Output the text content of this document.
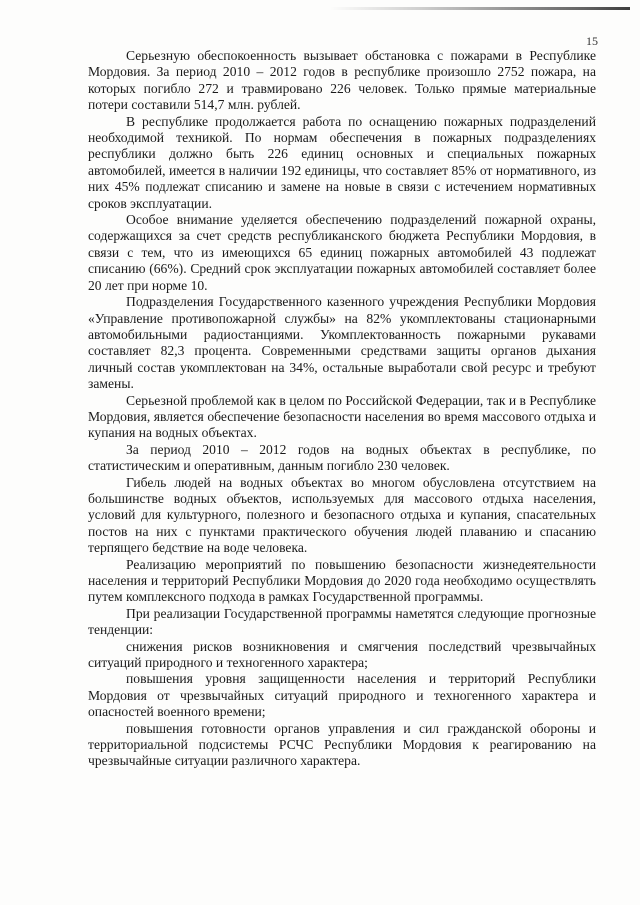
15

Серьезную обеспокоенность вызывает обстановка с пожарами в Республике Мордовия. За период 2010 – 2012 годов в республике произошло 2752 пожара, на которых погибло 272 и травмировано 226 человек. Только прямые материальные потери составили 514,7 млн. рублей.

В республике продолжается работа по оснащению пожарных подразделений необходимой техникой. По нормам обеспечения в пожарных подразделениях республики должно быть 226 единиц основных и специальных пожарных автомобилей, имеется в наличии 192 единицы, что составляет 85% от нормативного, из них 45% подлежат списанию и замене на новые в связи с истечением нормативных сроков эксплуатации.

Особое внимание уделяется обеспечению подразделений пожарной охраны, содержащихся за счет средств республиканского бюджета Республики Мордовия, в связи с тем, что из имеющихся 65 единиц пожарных автомобилей 43 подлежат списанию (66%). Средний срок эксплуатации пожарных автомобилей составляет более 20 лет при норме 10.

Подразделения Государственного казенного учреждения Республики Мордовия «Управление противопожарной службы» на 82% укомплектованы стационарными автомобильными радиостанциями. Укомплектованность пожарными рукавами составляет 82,3 процента. Современными средствами защиты органов дыхания личный состав укомплектован на 34%, остальные выработали свой ресурс и требуют замены.

Серьезной проблемой как в целом по Российской Федерации, так и в Республике Мордовия, является обеспечение безопасности населения во время массового отдыха и купания на водных объектах.

За период 2010 – 2012 годов на водных объектах в республике, по статистическим и оперативным, данным погибло 230 человек.

Гибель людей на водных объектах во многом обусловлена отсутствием на большинстве водных объектов, используемых для массового отдыха населения, условий для культурного, полезного и безопасного отдыха и купания, спасательных постов на них с пунктами практического обучения людей плаванию и спасанию терпящего бедствие на воде человека.

Реализацию мероприятий по повышению безопасности жизнедеятельности населения и территорий Республики Мордовия до 2020 года необходимо осуществлять путем комплексного подхода в рамках Государственной программы.

При реализации Государственной программы наметятся следующие прогнозные тенденции:

снижения рисков возникновения и смягчения последствий чрезвычайных ситуаций природного и техногенного характера;

повышения уровня защищенности населения и территорий Республики Мордовия от чрезвычайных ситуаций природного и техногенного характера и опасностей военного времени;

повышения готовности органов управления и сил гражданской обороны и территориальной подсистемы РСЧС Республики Мордовия к реагированию на чрезвычайные ситуации различного характера.
